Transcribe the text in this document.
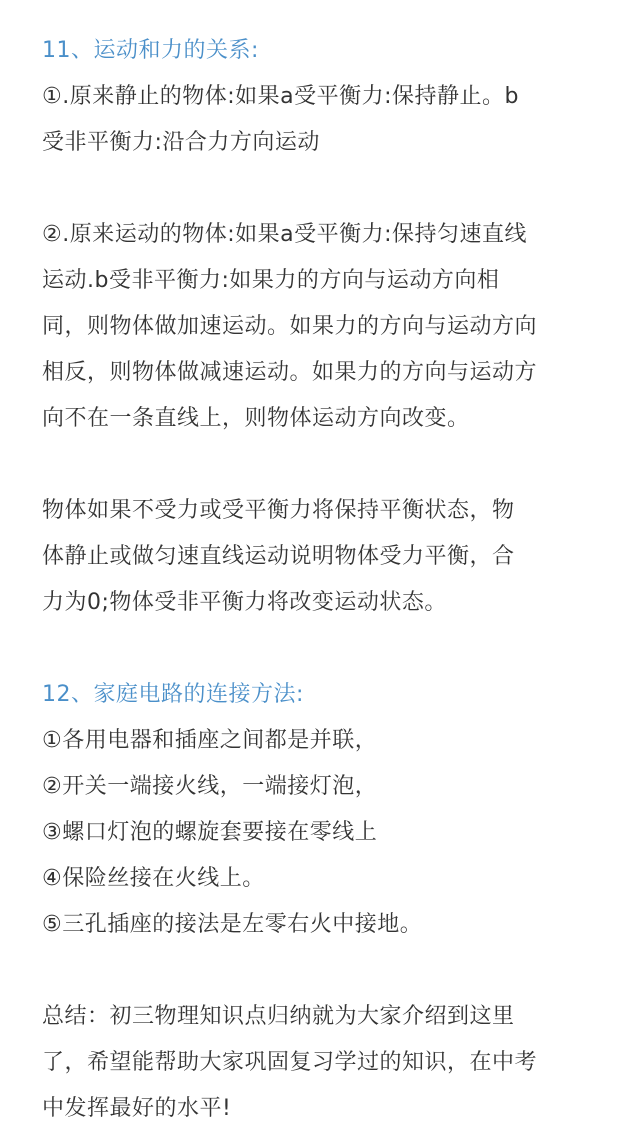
11、运动和力的关系:
①.原来静止的物体:如果a受平衡力:保持静止。b
受非平衡力:沿合力方向运动
②.原来运动的物体:如果a受平衡力:保持匀速直线
运动.b受非平衡力:如果力的方向与运动方向相
同，则物体做加速运动。如果力的方向与运动方向
相反，则物体做减速运动。如果力的方向与运动方
向不在一条直线上，则物体运动方向改变。
物体如果不受力或受平衡力将保持平衡状态，物
体静止或做匀速直线运动说明物体受力平衡，合
力为0;物体受非平衡力将改变运动状态。
12、家庭电路的连接方法:
①各用电器和插座之间都是并联，
②开关一端接火线，一端接灯泡，
③螺口灯泡的螺旋套要接在零线上
④保险丝接在火线上。
⑤三孔插座的接法是左零右火中接地。
总结：初三物理知识点归纳就为大家介绍到这里
了，希望能帮助大家巩固复习学过的知识，在中考
中发挥最好的水平!
